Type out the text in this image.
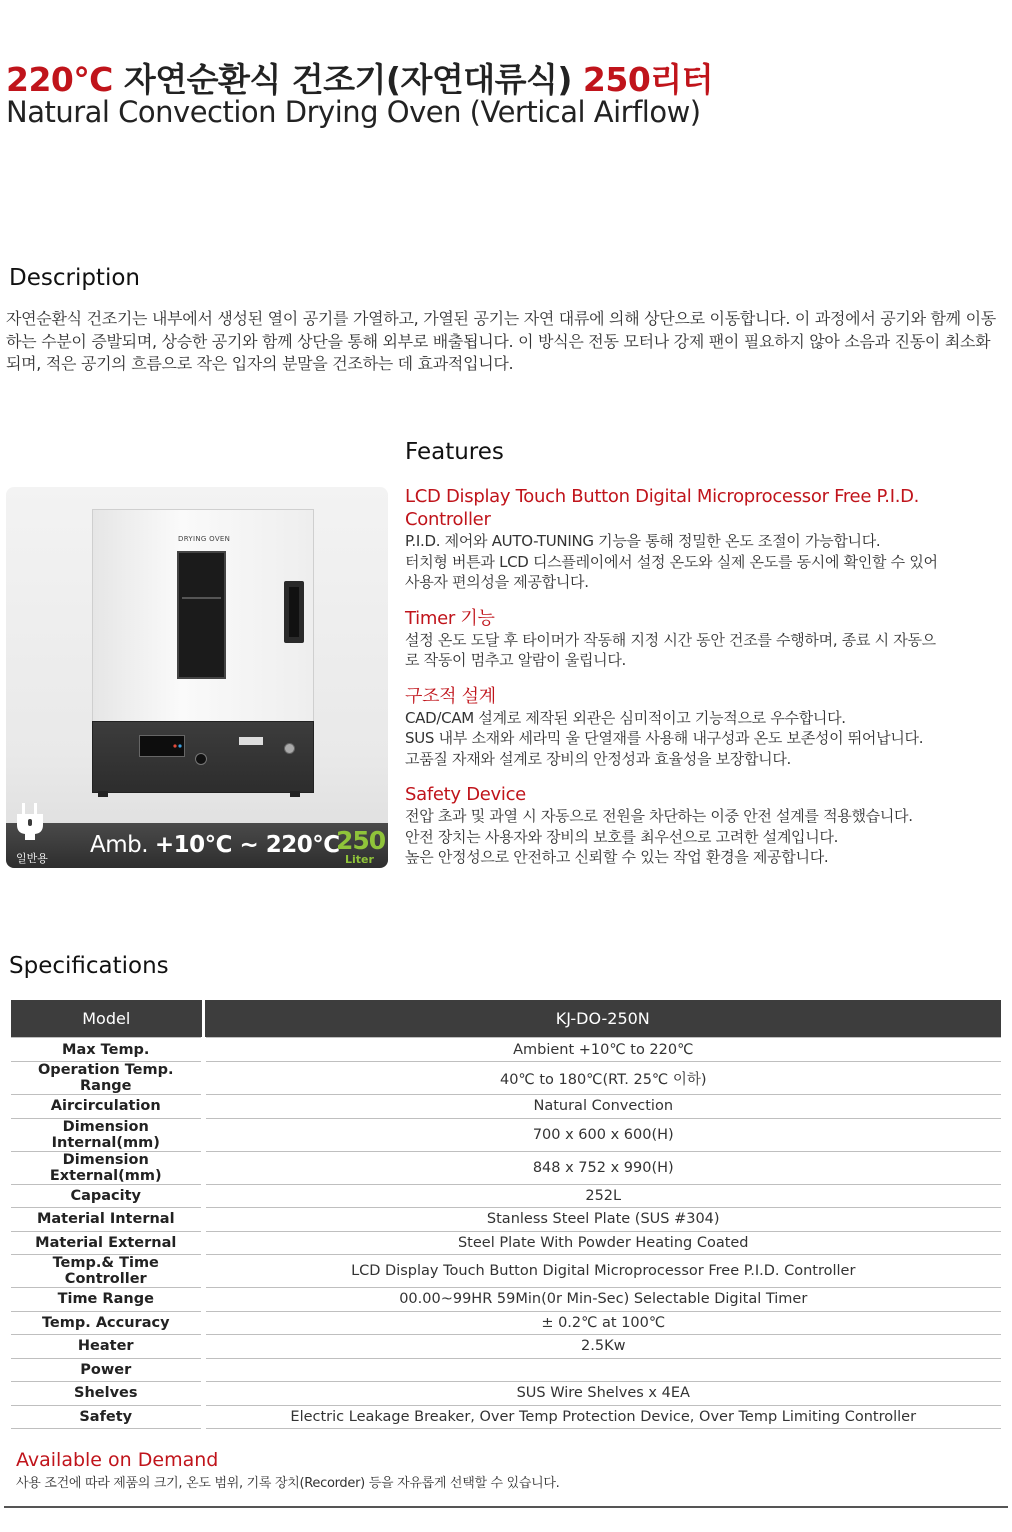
220℃ 자연순환식 건조기(자연대류식) 250리터
Natural Convection Drying Oven (Vertical Airflow)
Description
자연순환식 건조기는 내부에서 생성된 열이 공기를 가열하고, 가열된 공기는 자연 대류에 의해 상단으로 이동합니다. 이 과정에서 공기와 함께 이동하는 수분이 증발되며, 상승한 공기와 함께 상단을 통해 외부로 배출됩니다. 이 방식은 전동 모터나 강제 팬이 필요하지 않아 소음과 진동이 최소화되며, 적은 공기의 흐름으로 작은 입자의 분말을 건조하는 데 효과적입니다.
Features
DRYING OVEN
일반용
Amb. +10℃ ~ 220℃
250
Liter
LCD Display Touch Button Digital Microprocessor Free P.I.D. Controller
P.I.D. 제어와 AUTO-TUNING 기능을 통해 정밀한 온도 조절이 가능합니다.
터치형 버튼과 LCD 디스플레이에서 설정 온도와 실제 온도를 동시에 확인할 수 있어
사용자 편의성을 제공합니다.
Timer 기능
설정 온도 도달 후 타이머가 작동해 지정 시간 동안 건조를 수행하며, 종료 시 자동으
로 작동이 멈추고 알람이 울립니다.
구조적 설계
CAD/CAM 설계로 제작된 외관은 심미적이고 기능적으로 우수합니다.
SUS 내부 소재와 세라믹 울 단열재를 사용해 내구성과 온도 보존성이 뛰어납니다.
고품질 자재와 설계로 장비의 안정성과 효율성을 보장합니다.
Safety Device
전압 초과 및 과열 시 자동으로 전원을 차단하는 이중 안전 설계를 적용했습니다.
안전 장치는 사용자와 장비의 보호를 최우선으로 고려한 설계입니다.
높은 안정성으로 안전하고 신뢰할 수 있는 작업 환경을 제공합니다.
Specifications
Model	KJ-DO-250N
Max Temp.	Ambient +10℃ to 220℃
Operation Temp. Range	40℃ to 180℃(RT. 25℃ 이하)
Aircirculation	Natural Convection
Dimension Internal(mm)	700 x 600 x 600(H)
Dimension External(mm)	848 x 752 x 990(H)
Capacity	252L
Material Internal	Stanless Steel Plate (SUS #304)
Material External	Steel Plate With Powder Heating Coated
Temp.& Time Controller	LCD Display Touch Button Digital Microprocessor Free P.I.D. Controller
Time Range	00.00~99HR 59Min(0r Min-Sec) Selectable Digital Timer
Temp. Accuracy	± 0.2℃ at 100℃
Heater	2.5Kw
Power	
Shelves	SUS Wire Shelves x 4EA
Safety	Electric Leakage Breaker, Over Temp Protection Device, Over Temp Limiting Controller
Available on Demand
사용 조건에 따라 제품의 크기, 온도 범위, 기록 장치(Recorder) 등을 자유롭게 선택할 수 있습니다.
